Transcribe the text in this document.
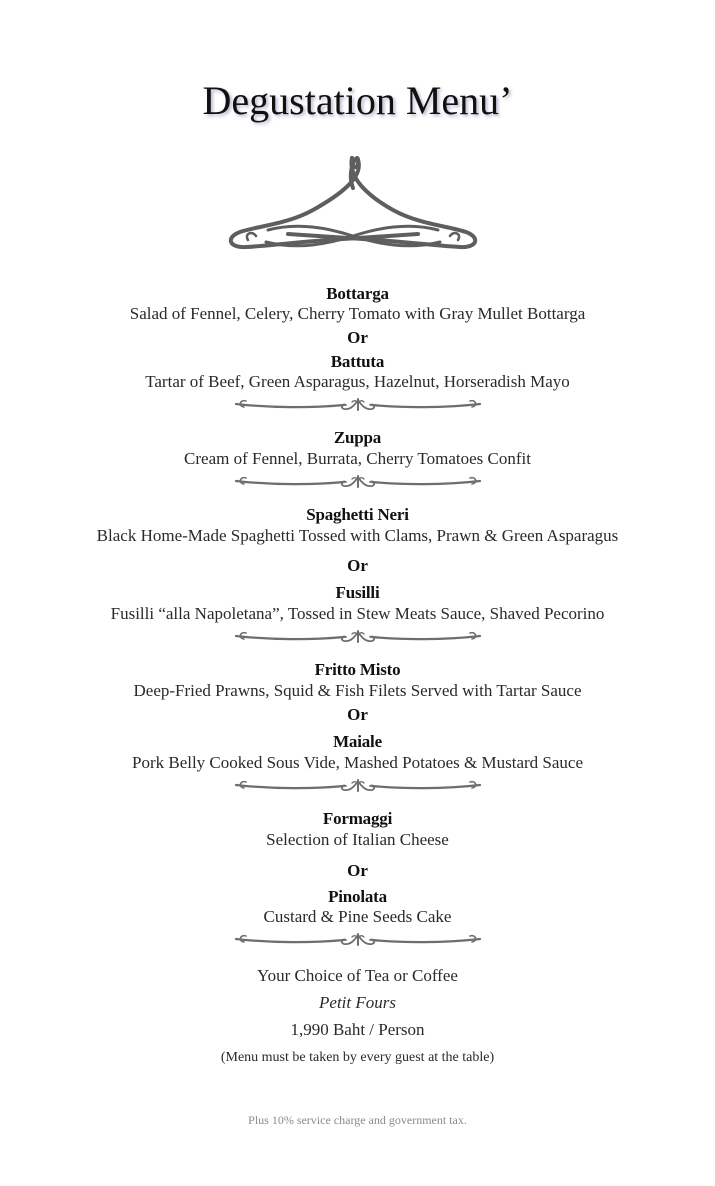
Degustation Menu’
Bottarga
Salad of Fennel, Celery, Cherry Tomato with Gray Mullet Bottarga
Or
Battuta
Tartar of Beef, Green Asparagus, Hazelnut, Horseradish Mayo
Zuppa
Cream of Fennel, Burrata, Cherry Tomatoes Confit
Spaghetti Neri
Black Home-Made Spaghetti Tossed with Clams, Prawn & Green Asparagus
Or
Fusilli
Fusilli “alla Napoletana”, Tossed in Stew Meats Sauce, Shaved Pecorino
Fritto Misto
Deep-Fried Prawns, Squid & Fish Filets Served with Tartar Sauce
Or
Maiale
Pork Belly Cooked Sous Vide, Mashed Potatoes & Mustard Sauce
Formaggi
Selection of Italian Cheese
Or
Pinolata
Custard & Pine Seeds Cake
Your Choice of Tea or Coffee
Petit Fours
1,990 Baht / Person
(Menu must be taken by every guest at the table)
Plus 10% service charge and government tax.
